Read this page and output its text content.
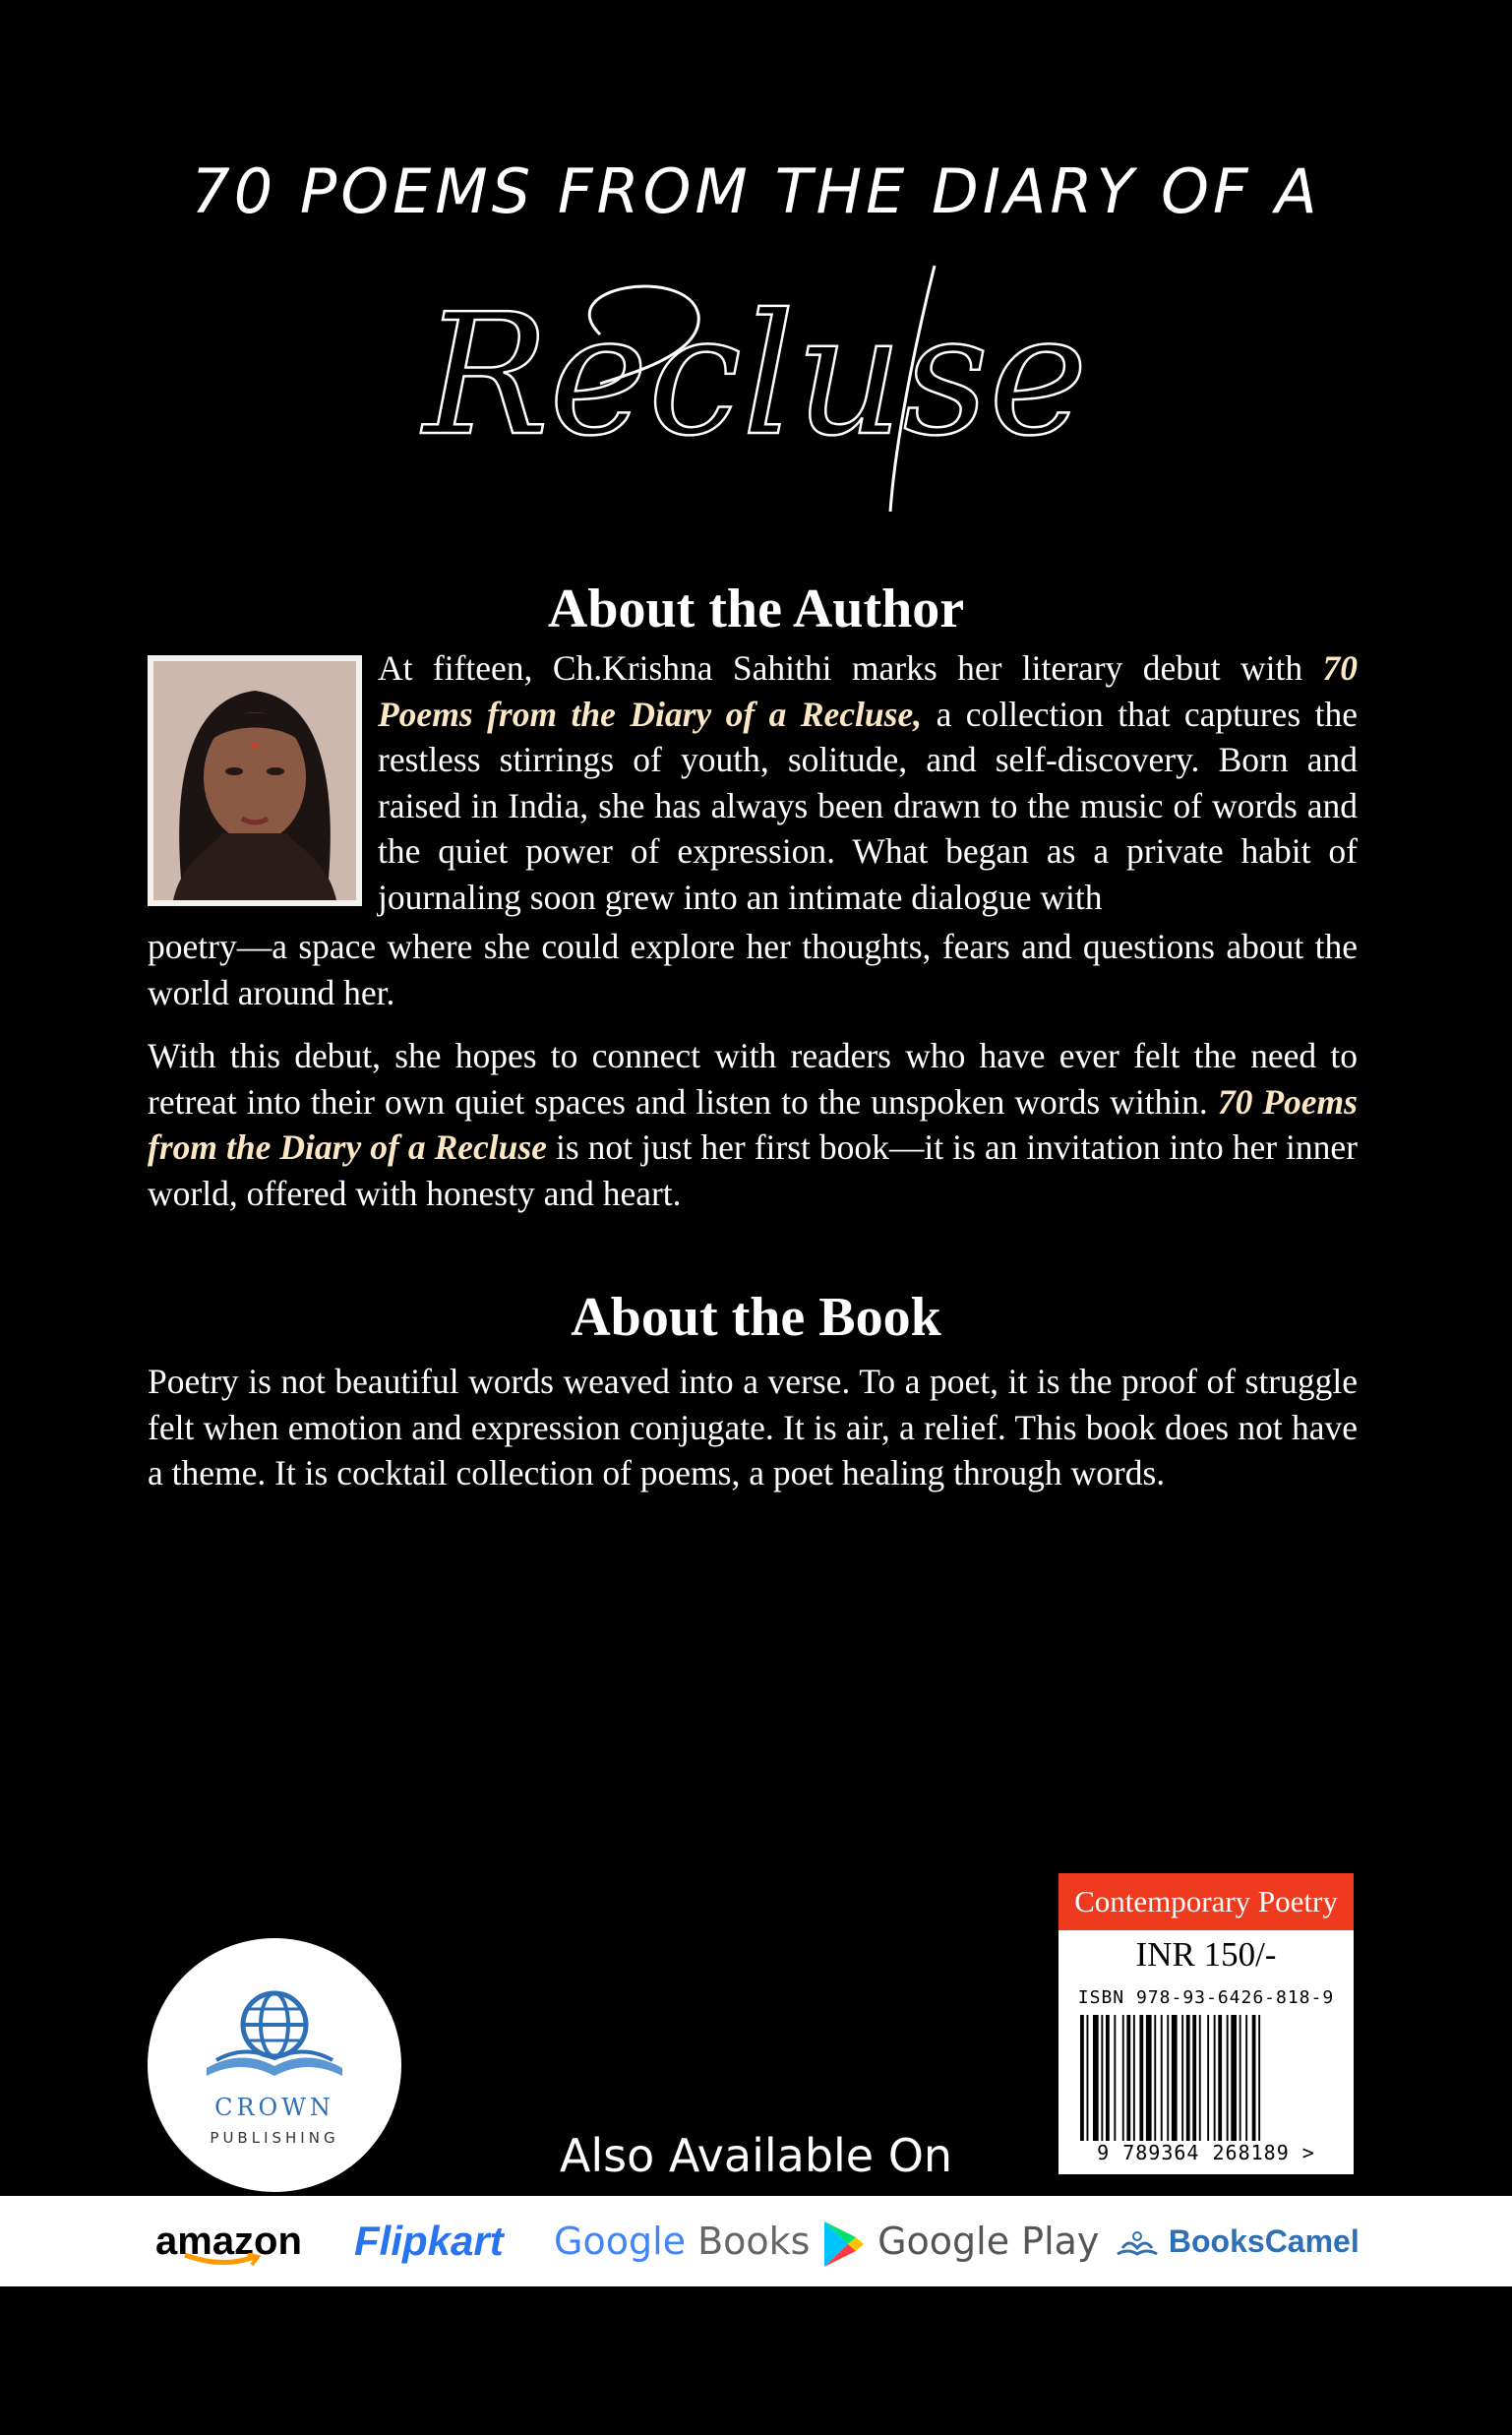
70 POEMS FROM THE DIARY OF A
Recluse
About the Author
At fifteen, Ch.Krishna Sahithi marks her literary debut with 70 Poems from the Diary of a Recluse, a collection that captures the restless stirrings of youth, solitude, and self-discovery. Born and raised in India, she has always been drawn to the music of words and the quiet power of expression. What began as a private habit of journaling soon grew into an intimate dialogue with
poetry—a space where she could explore her thoughts, fears and questions about the world around her.
With this debut, she hopes to connect with readers who have ever felt the need to retreat into their own quiet spaces and listen to the unspoken words within. 70 Poems from the Diary of a Recluse is not just her first book—it is an invitation into her inner world, offered with honesty and heart.
About the Book
Poetry is not beautiful words weaved into a verse. To a poet, it is the proof of struggle felt when emotion and expression conjugate. It is air, a relief. This book does not have a theme. It is cocktail collection of poems, a poet healing through words.
Contemporary Poetry
INR 150/-
ISBN 978-93-6426-818-9
9 789364 268189 >
CROWN
PUBLISHING	Also Available On
amazon Flipkart Google Books	Google Play	BooksCamel
